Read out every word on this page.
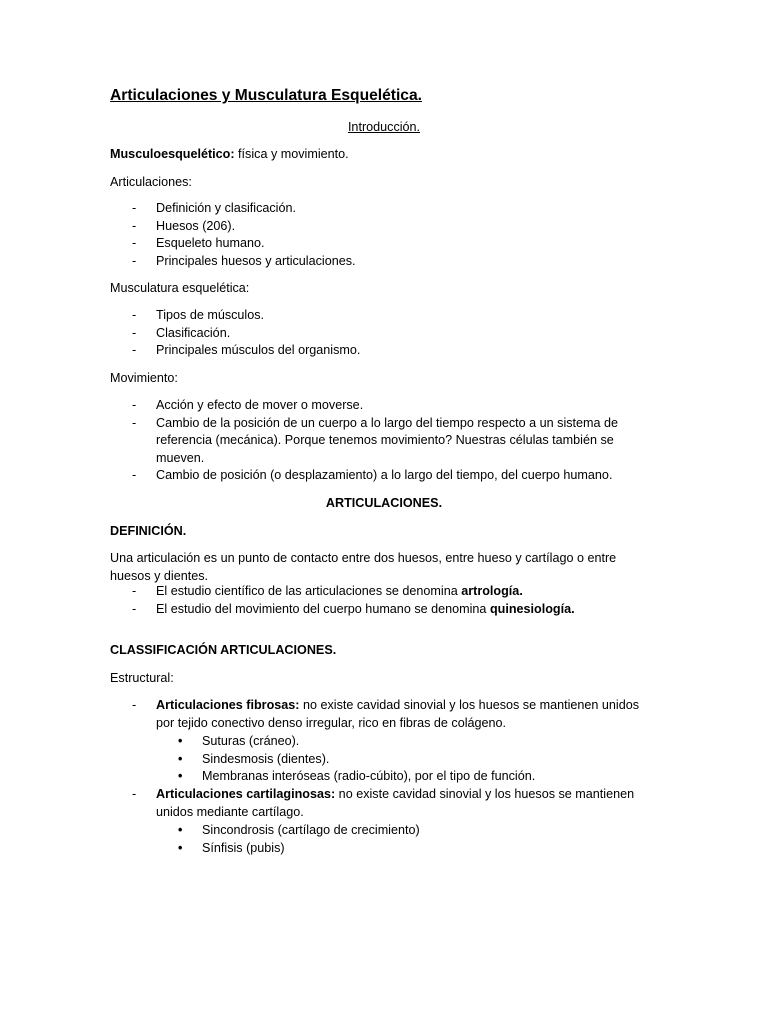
Articulaciones y Musculatura Esquelética.
Introducción.
Musculoesquelético: física y movimiento.
Articulaciones:
- Definición y clasificación.
- Huesos (206).
- Esqueleto humano.
- Principales huesos y articulaciones.
Musculatura esquelética:
- Tipos de músculos.
- Clasificación.
- Principales músculos del organismo.
Movimiento:
- Acción y efecto de mover o moverse.
- Cambio de la posición de un cuerpo a lo largo del tiempo respecto a un sistema de referencia (mecánica). Porque tenemos movimiento? Nuestras células también se mueven.
- Cambio de posición (o desplazamiento) a lo largo del tiempo, del cuerpo humano.
ARTICULACIONES.
DEFINICIÓN.
Una articulación es un punto de contacto entre dos huesos, entre hueso y cartílago o entre huesos y dientes.
- El estudio científico de las articulaciones se denomina artrología.
- El estudio del movimiento del cuerpo humano se denomina quinesiología.
CLASSIFICACIÓN ARTICULACIONES.
Estructural:
- Articulaciones fibrosas: no existe cavidad sinovial y los huesos se mantienen unidos por tejido conectivo denso irregular, rico en fibras de colágeno.
• Suturas (cráneo).
• Sindesmosis (dientes).
• Membranas interóseas (radio-cúbito), por el tipo de función.
- Articulaciones cartilaginosas: no existe cavidad sinovial y los huesos se mantienen unidos mediante cartílago.
• Sincondrosis (cartílago de crecimiento)
• Sínfisis (pubis)
